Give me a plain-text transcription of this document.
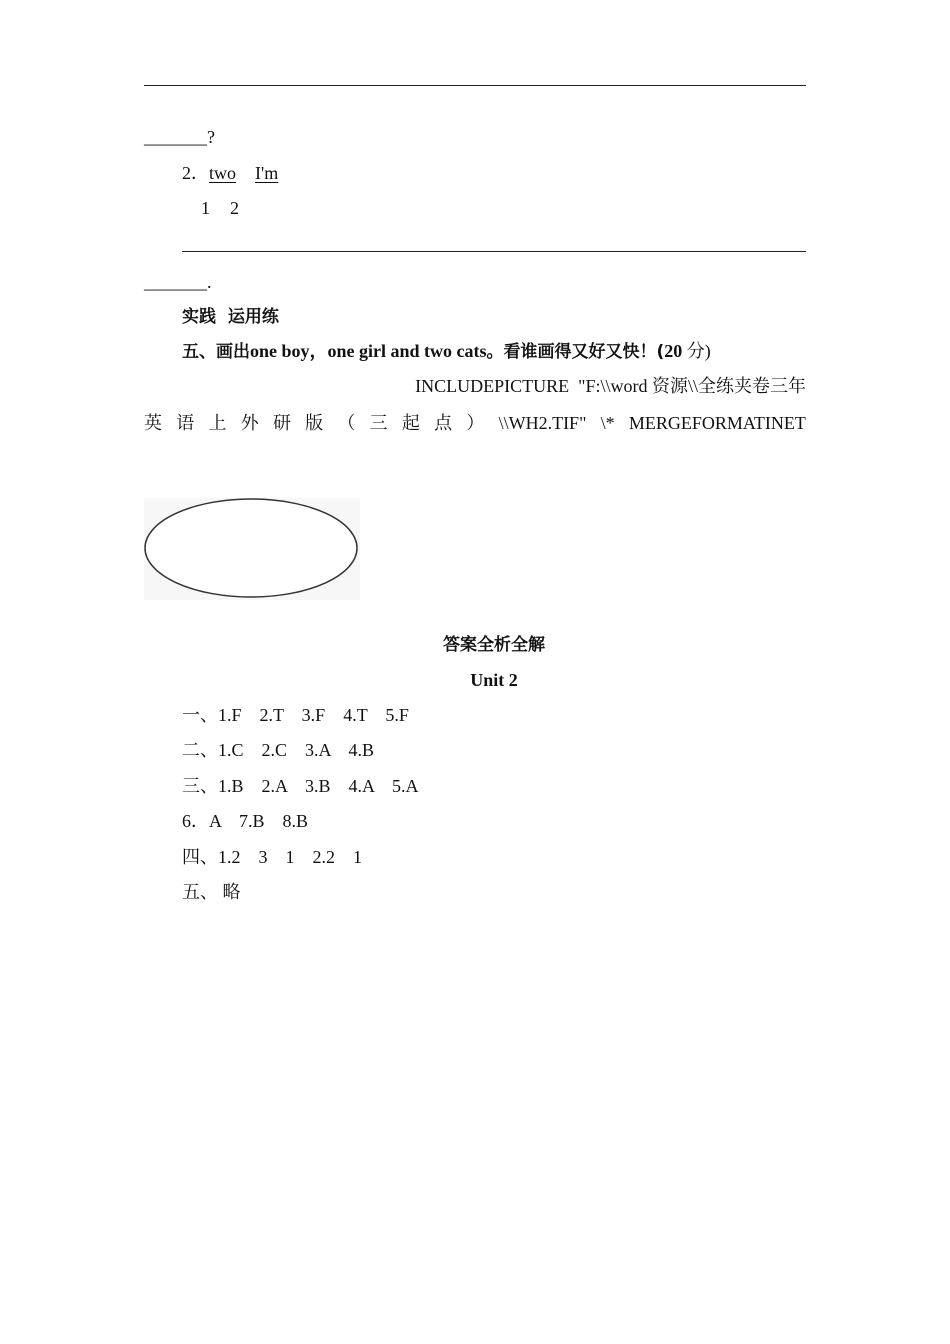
_______?
2．two I'm
1 2
_______.
实践  运用练
五、画出one boy，one girl and two cats。看谁画得又好又快！(20 分)
INCLUDEPICTURE  "F:\\word 资源\\全练夹卷三年
英 语 上 外 研 版 （ 三 起 点 ） \\WH2.TIF" \* MERGEFORMATINET
答案全析全解
Unit 2
一、1.F    2.T    3.F    4.T    5.F
二、1.C    2.C    3.A    4.B
三、1.B    2.A    3.B    4.A    5.A
6．A    7.B    8.B
四、1.2    3    1    2.2    1
五、 略
